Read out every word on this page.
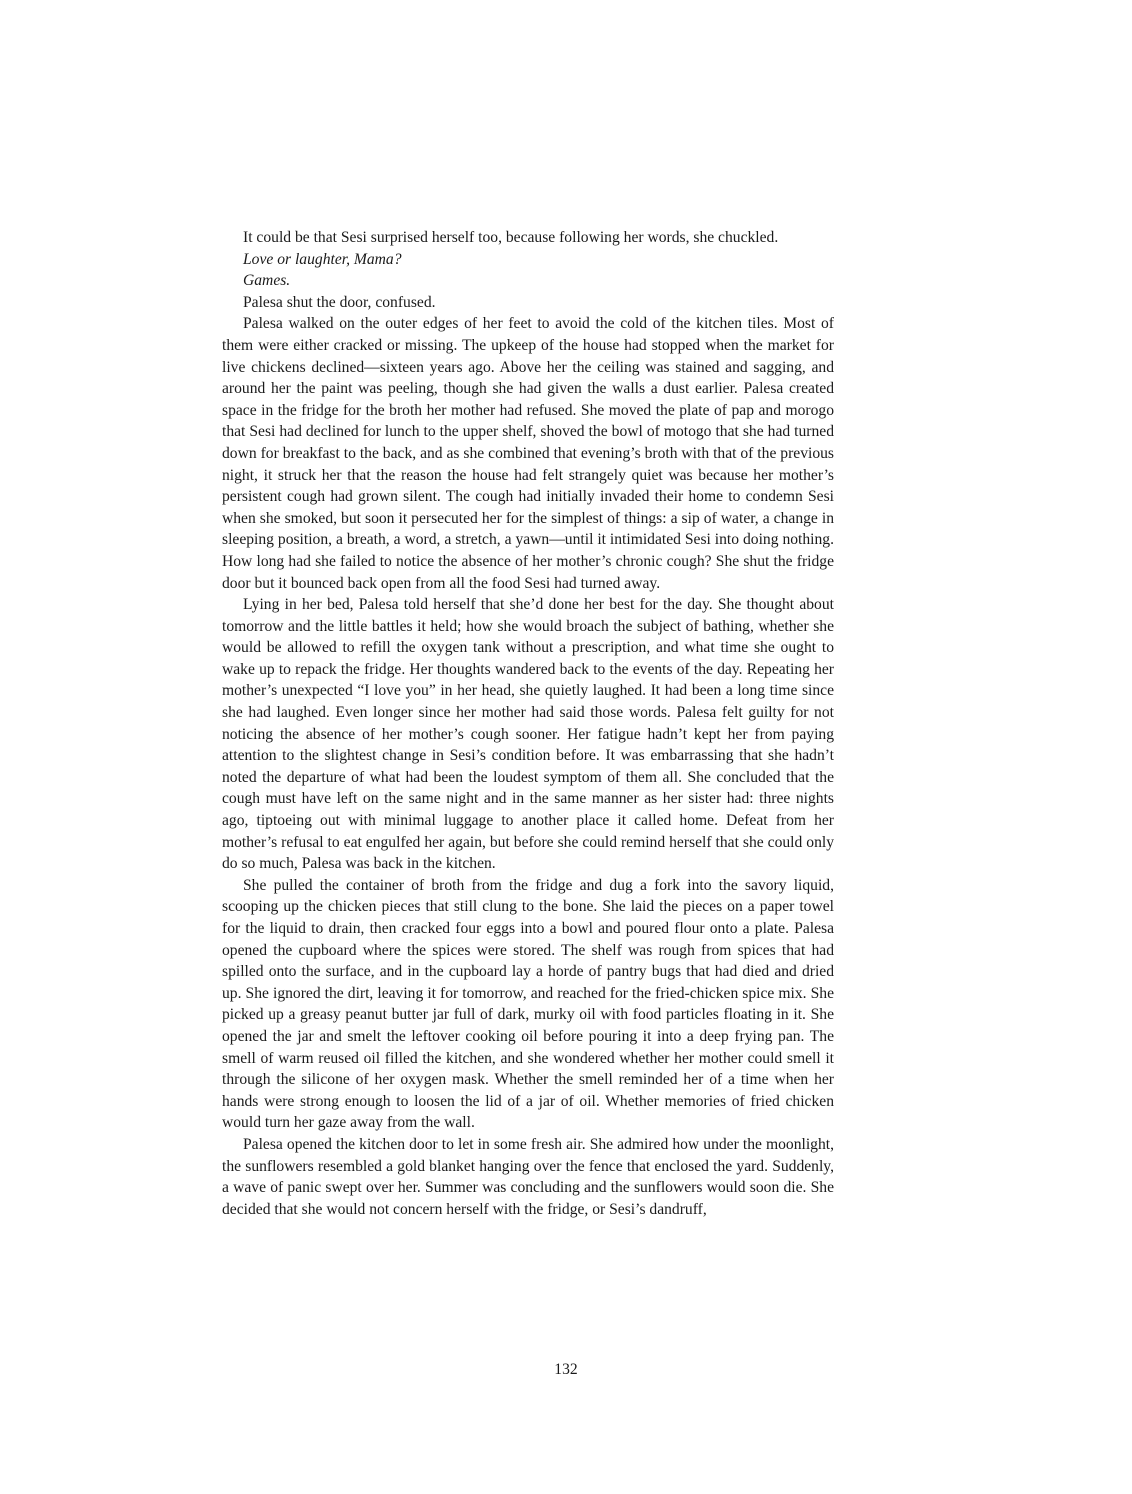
It could be that Sesi surprised herself too, because following her words, she chuckled.

Love or laughter, Mama?

Games.

Palesa shut the door, confused.

Palesa walked on the outer edges of her feet to avoid the cold of the kitchen tiles. Most of them were either cracked or missing. The upkeep of the house had stopped when the market for live chickens declined—sixteen years ago. Above her the ceiling was stained and sagging, and around her the paint was peeling, though she had given the walls a dust earlier. Palesa created space in the fridge for the broth her mother had refused. She moved the plate of pap and morogo that Sesi had declined for lunch to the upper shelf, shoved the bowl of motogo that she had turned down for breakfast to the back, and as she combined that evening’s broth with that of the previous night, it struck her that the reason the house had felt strangely quiet was because her mother’s persistent cough had grown silent. The cough had initially invaded their home to condemn Sesi when she smoked, but soon it persecuted her for the simplest of things: a sip of water, a change in sleeping position, a breath, a word, a stretch, a yawn—until it intimidated Sesi into doing nothing. How long had she failed to notice the absence of her mother’s chronic cough? She shut the fridge door but it bounced back open from all the food Sesi had turned away.

Lying in her bed, Palesa told herself that she’d done her best for the day. She thought about tomorrow and the little battles it held; how she would broach the subject of bathing, whether she would be allowed to refill the oxygen tank without a prescription, and what time she ought to wake up to repack the fridge. Her thoughts wandered back to the events of the day. Repeating her mother’s unexpected “I love you” in her head, she quietly laughed. It had been a long time since she had laughed. Even longer since her mother had said those words. Palesa felt guilty for not noticing the absence of her mother’s cough sooner. Her fatigue hadn’t kept her from paying attention to the slightest change in Sesi’s condition before. It was embarrassing that she hadn’t noted the departure of what had been the loudest symptom of them all. She concluded that the cough must have left on the same night and in the same manner as her sister had: three nights ago, tiptoeing out with minimal luggage to another place it called home. Defeat from her mother’s refusal to eat engulfed her again, but before she could remind herself that she could only do so much, Palesa was back in the kitchen.

She pulled the container of broth from the fridge and dug a fork into the savory liquid, scooping up the chicken pieces that still clung to the bone. She laid the pieces on a paper towel for the liquid to drain, then cracked four eggs into a bowl and poured flour onto a plate. Palesa opened the cupboard where the spices were stored. The shelf was rough from spices that had spilled onto the surface, and in the cupboard lay a horde of pantry bugs that had died and dried up. She ignored the dirt, leaving it for tomorrow, and reached for the fried-chicken spice mix. She picked up a greasy peanut butter jar full of dark, murky oil with food particles floating in it. She opened the jar and smelt the leftover cooking oil before pouring it into a deep frying pan. The smell of warm reused oil filled the kitchen, and she wondered whether her mother could smell it through the silicone of her oxygen mask. Whether the smell reminded her of a time when her hands were strong enough to loosen the lid of a jar of oil. Whether memories of fried chicken would turn her gaze away from the wall.

Palesa opened the kitchen door to let in some fresh air. She admired how under the moonlight, the sunflowers resembled a gold blanket hanging over the fence that enclosed the yard. Suddenly, a wave of panic swept over her. Summer was concluding and the sunflowers would soon die. She decided that she would not concern herself with the fridge, or Sesi’s dandruff,

132
